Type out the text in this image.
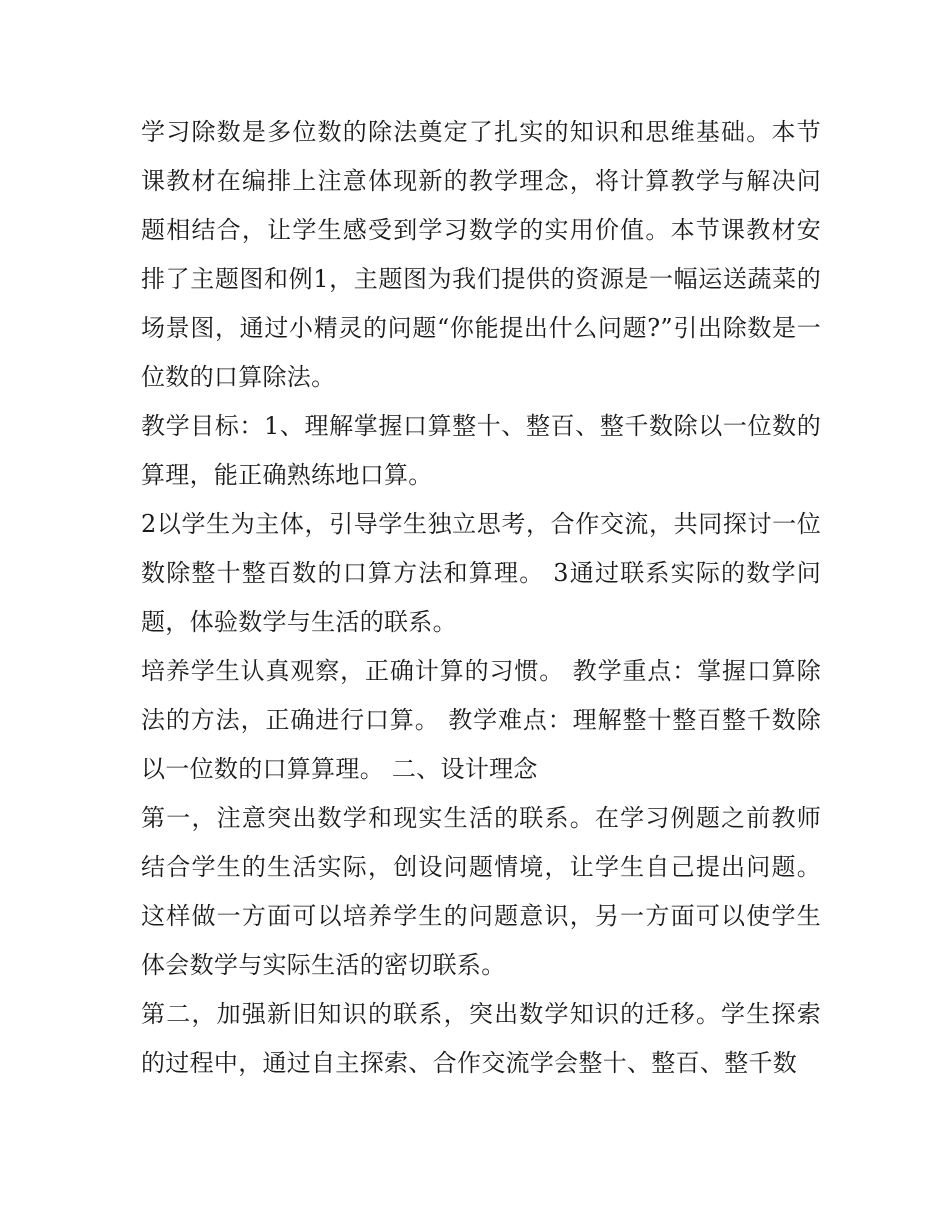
学习除数是多位数的除法奠定了扎实的知识和思维基础。本节课教材在编排上注意体现新的教学理念，将计算教学与解决问题相结合，让学生感受到学习数学的实用价值。本节课教材安排了主题图和例1，主题图为我们提供的资源是一幅运送蔬菜的场景图，通过小精灵的问题“你能提出什么问题?”引出除数是一位数的口算除法。

教学目标：1、理解掌握口算整十、整百、整千数除以一位数的算理，能正确熟练地口算。

2以学生为主体，引导学生独立思考，合作交流，共同探讨一位数除整十整百数的口算方法和算理。 3通过联系实际的数学问题，体验数学与生活的联系。

培养学生认真观察，正确计算的习惯。 教学重点：掌握口算除法的方法，正确进行口算。 教学难点：理解整十整百整千数除以一位数的口算算理。 二、设计理念

第一，注意突出数学和现实生活的联系。在学习例题之前教师结合学生的生活实际，创设问题情境，让学生自己提出问题。这样做一方面可以培养学生的问题意识，另一方面可以使学生体会数学与实际生活的密切联系。

第二，加强新旧知识的联系，突出数学知识的迁移。学生探索的过程中，通过自主探索、合作交流学会整十、整百、整千数
